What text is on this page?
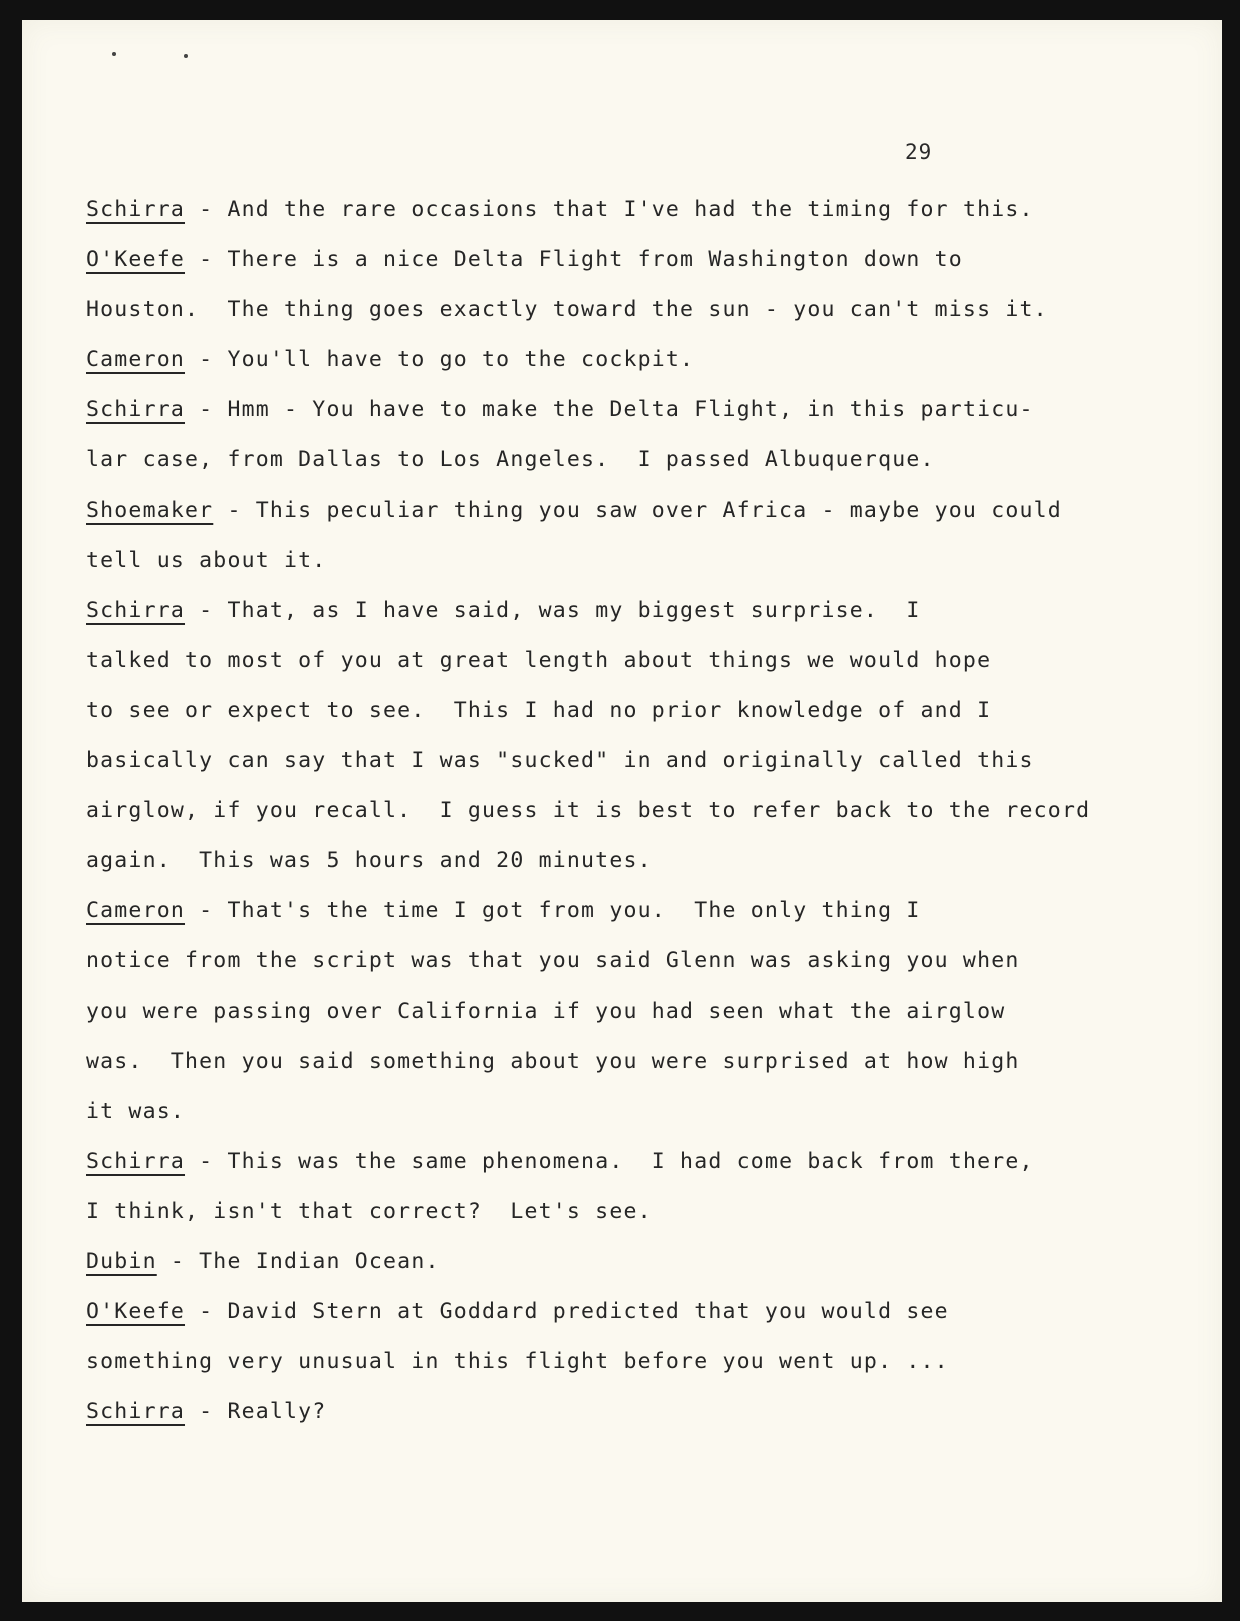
29
Schirra - And the rare occasions that I've had the timing for this.
O'Keefe - There is a nice Delta Flight from Washington down to
Houston.  The thing goes exactly toward the sun - you can't miss it.
Cameron - You'll have to go to the cockpit.
Schirra - Hmm - You have to make the Delta Flight, in this particu-
lar case, from Dallas to Los Angeles.  I passed Albuquerque.
Shoemaker - This peculiar thing you saw over Africa - maybe you could
tell us about it.
Schirra - That, as I have said, was my biggest surprise.  I
talked to most of you at great length about things we would hope
to see or expect to see.  This I had no prior knowledge of and I
basically can say that I was "sucked" in and originally called this
airglow, if you recall.  I guess it is best to refer back to the record
again.  This was 5 hours and 20 minutes.
Cameron - That's the time I got from you.  The only thing I
notice from the script was that you said Glenn was asking you when
you were passing over California if you had seen what the airglow
was.  Then you said something about you were surprised at how high
it was.
Schirra - This was the same phenomena.  I had come back from there,
I think, isn't that correct?  Let's see.
Dubin - The Indian Ocean.
O'Keefe - David Stern at Goddard predicted that you would see
something very unusual in this flight before you went up. ...
Schirra - Really?
